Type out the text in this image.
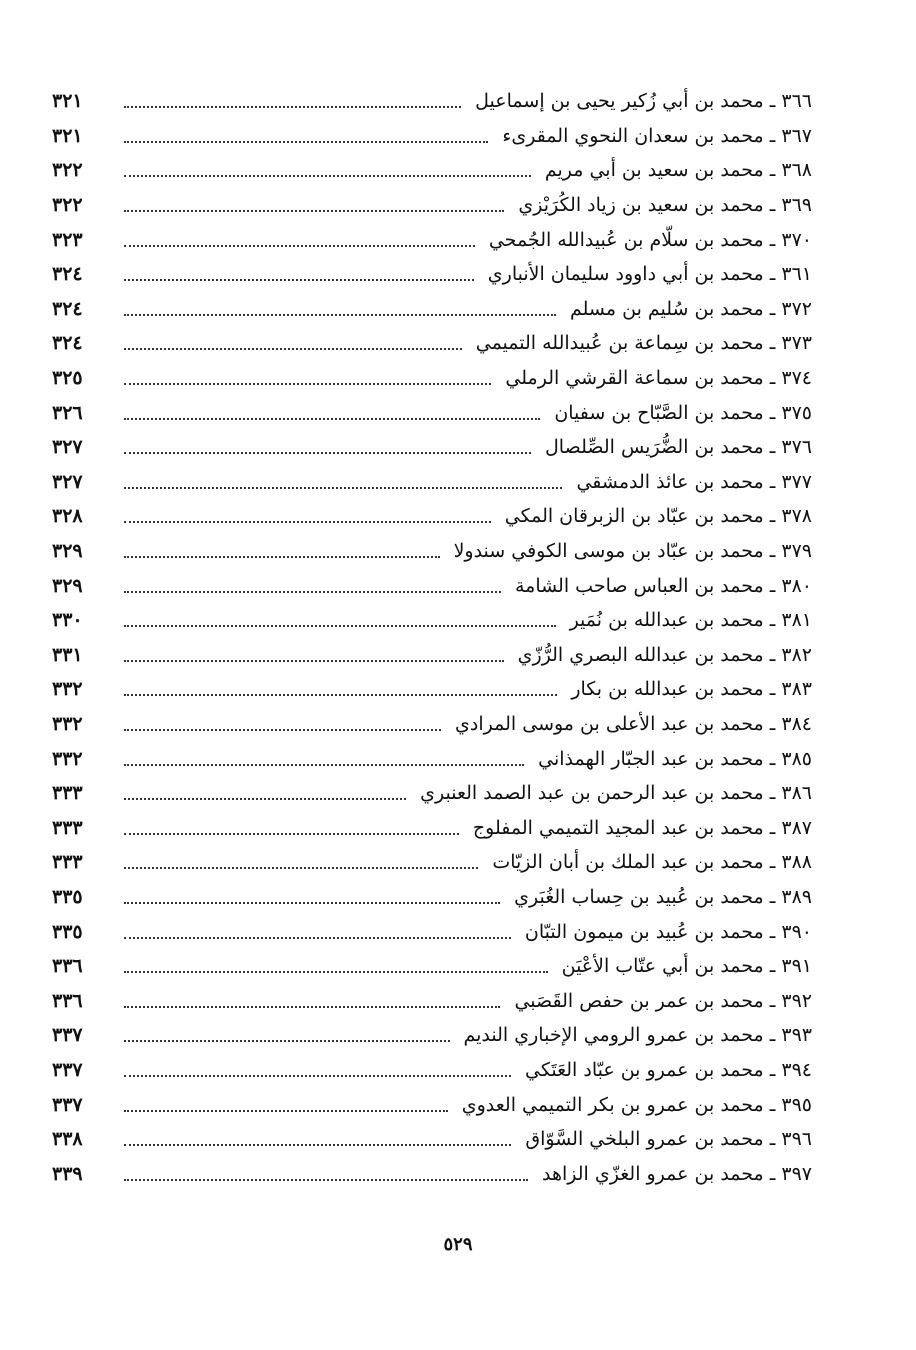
٣٦٦ ـ محمد بن أبي زُكير يحيى بن إسماعيل
٣٢١
٣٦٧ ـ محمد بن سعدان النحوي المقرىء
٣٢١
٣٦٨ ـ محمد بن سعيد بن أبي مريم
٣٢٢
٣٦٩ ـ محمد بن سعيد بن زياد الكُرَيْزي
٣٢٢
٣٧٠ ـ محمد بن سلّام بن عُبيدالله الجُمحي
٣٢٣
٣٦١ ـ محمد بن أبي داوود سليمان الأنباري
٣٢٤
٣٧٢ ـ محمد بن سُليم بن مسلم
٣٢٤
٣٧٣ ـ محمد بن سِماعة بن عُبيدالله التميمي
٣٢٤
٣٧٤ ـ محمد بن سماعة القرشي الرملي
٣٢٥
٣٧٥ ـ محمد بن الصَّبّاح بن سفيان
٣٢٦
٣٧٦ ـ محمد بن الضُّرَيس الصِّلصال
٣٢٧
٣٧٧ ـ محمد بن عائذ الدمشقي
٣٢٧
٣٧٨ ـ محمد بن عبّاد بن الزبرقان المكي
٣٢٨
٣٧٩ ـ محمد بن عبّاد بن موسى الكوفي سندولا
٣٢٩
٣٨٠ ـ محمد بن العباس صاحب الشامة
٣٢٩
٣٨١ ـ محمد بن عبدالله بن نُمَير
٣٣٠
٣٨٢ ـ محمد بن عبدالله البصري الرُّزّي
٣٣١
٣٨٣ ـ محمد بن عبدالله بن بكار
٣٣٢
٣٨٤ ـ محمد بن عبد الأعلى بن موسى المرادي
٣٣٢
٣٨٥ ـ محمد بن عبد الجبّار الهمذاني
٣٣٢
٣٨٦ ـ محمد بن عبد الرحمن بن عبد الصمد العنبري
٣٣٣
٣٨٧ ـ محمد بن عبد المجيد التميمي المفلوج
٣٣٣
٣٨٨ ـ محمد بن عبد الملك بن أبان الزيّات
٣٣٣
٣٨٩ ـ محمد بن عُبيد بن حِساب الغُبَري
٣٣٥
٣٩٠ ـ محمد بن عُبيد بن ميمون التبّان
٣٣٥
٣٩١ ـ محمد بن أبي عتّاب الأعْيَن
٣٣٦
٣٩٢ ـ محمد بن عمر بن حفص القَصَبي
٣٣٦
٣٩٣ ـ محمد بن عمرو الرومي الإخباري النديم
٣٣٧
٣٩٤ ـ محمد بن عمرو بن عبّاد العَتَكي
٣٣٧
٣٩٥ ـ محمد بن عمرو بن بكر التميمي العدوي
٣٣٧
٣٩٦ ـ محمد بن عمرو البلخي السَّوّاق
٣٣٨
٣٩٧ ـ محمد بن عمرو الغزّي الزاهد
٣٣٩
٥٢٩
